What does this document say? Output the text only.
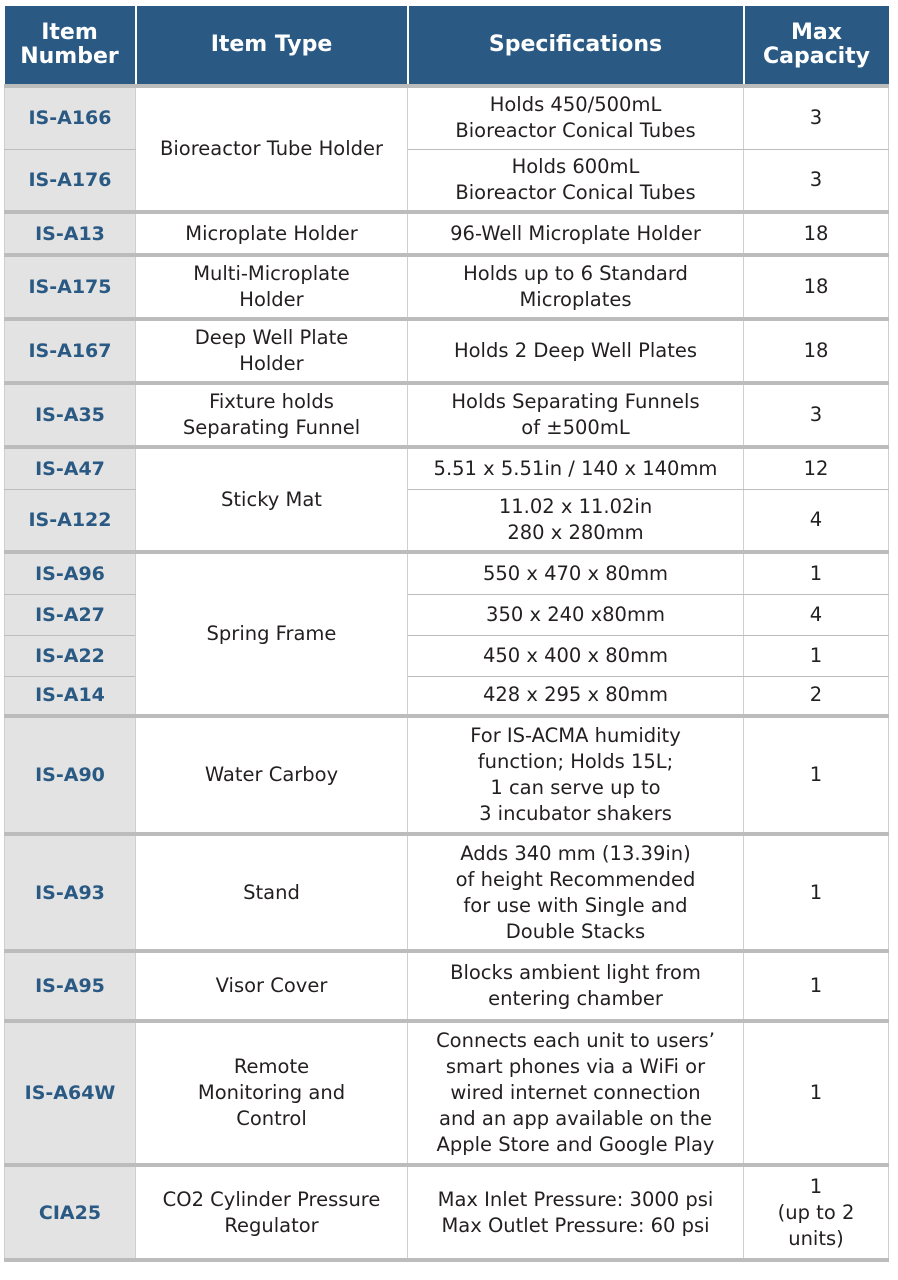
Item
Number	Item Type	Specifications	Max
Capacity
IS-A166	Bioreactor Tube Holder	Holds 450/500mL
Bioreactor Conical Tubes	3
IS-A176		Holds 600mL
Bioreactor Conical Tubes	3
IS-A13	Microplate Holder	96-Well Microplate Holder	18
IS-A175	Multi-Microplate
Holder	Holds up to 6 Standard
Microplates	18
IS-A167	Deep Well Plate
Holder	Holds 2 Deep Well Plates	18
IS-A35	Fixture holds
Separating Funnel	Holds Separating Funnels
of ±500mL	3
IS-A47	Sticky Mat	5.51 x 5.51in / 140 x 140mm	12
IS-A122		11.02 x 11.02in
280 x 280mm	4
IS-A96	Spring Frame	550 x 470 x 80mm	1
IS-A27		350 x 240 x80mm	4
IS-A22		450 x 400 x 80mm	1
IS-A14		428 x 295 x 80mm	2
IS-A90	Water Carboy	For IS-ACMA humidity
function; Holds 15L;
1 can serve up to
3 incubator shakers	1
IS-A93	Stand	Adds 340 mm (13.39in)
of height Recommended
for use with Single and
Double Stacks	1
IS-A95	Visor Cover	Blocks ambient light from
entering chamber	1
IS-A64W	Remote
Monitoring and
Control	Connects each unit to users’
smart phones via a WiFi or
wired internet connection
and an app available on the
Apple Store and Google Play	1
CIA25	CO2 Cylinder Pressure
Regulator	Max Inlet Pressure: 3000 psi
Max Outlet Pressure: 60 psi	1
(up to 2
units)
